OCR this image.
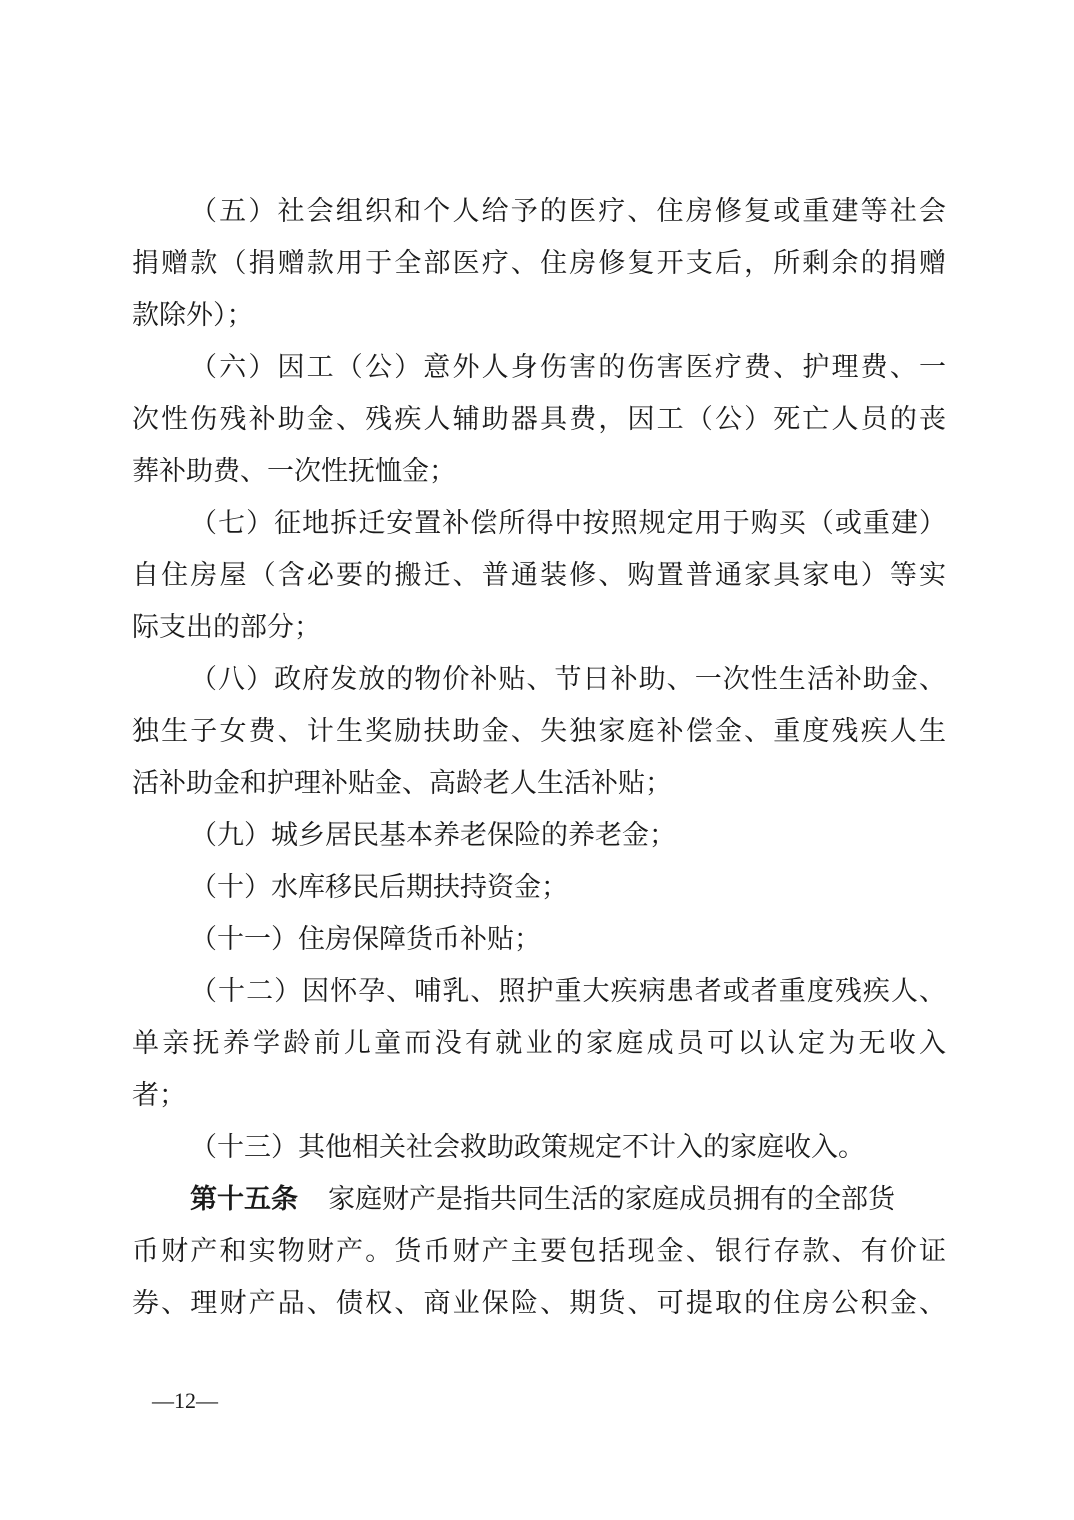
（五）社会组织和个人给予的医疗、住房修复或重建等社会
捐赠款（捐赠款用于全部医疗、住房修复开支后，所剩余的捐赠
款除外）；
（六）因工（公）意外人身伤害的伤害医疗费、护理费、一
次性伤残补助金、残疾人辅助器具费，因工（公）死亡人员的丧
葬补助费、一次性抚恤金；
（七）征地拆迁安置补偿所得中按照规定用于购买（或重建）
自住房屋（含必要的搬迁、普通装修、购置普通家具家电）等实
际支出的部分；
（八）政府发放的物价补贴、节日补助、一次性生活补助金、
独生子女费、计生奖励扶助金、失独家庭补偿金、重度残疾人生
活补助金和护理补贴金、高龄老人生活补贴；
（九）城乡居民基本养老保险的养老金；
（十）水库移民后期扶持资金；
（十一）住房保障货币补贴；
（十二）因怀孕、哺乳、照护重大疾病患者或者重度残疾人、
单亲抚养学龄前儿童而没有就业的家庭成员可以认定为无收入
者；
（十三）其他相关社会救助政策规定不计入的家庭收入。
第十五条 家庭财产是指共同生活的家庭成员拥有的全部货
币财产和实物财产。货币财产主要包括现金、银行存款、有价证
券、理财产品、债权、商业保险、期货、可提取的住房公积金、
—12—
